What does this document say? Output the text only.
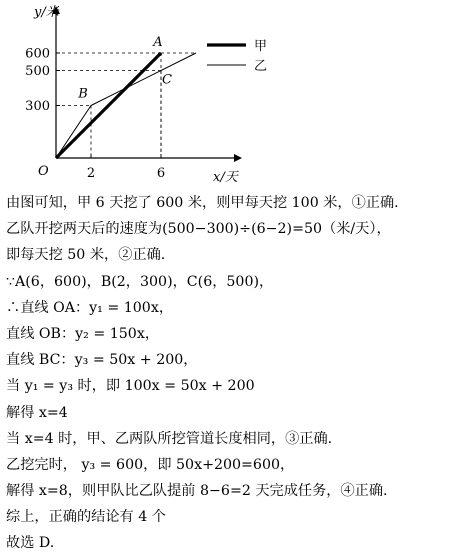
y/米
x/天
O
300
500
600
2	6
A
B
C
甲
乙
由图可知，甲 6 天挖了 600 米，则甲每天挖 100 米，①正确.
乙队开挖两天后的速度为(500−300)÷(6−2)=50（米/天），
即每天挖 50 米，②正确.
∵A(6，600)，B(2，300)，C(6，500)，
∴直线 OA：y₁ = 100x，
直线 OB：y₂ = 150x，
直线 BC：y₃ = 50x + 200，
当 y₁ = y₃ 时，即 100x = 50x + 200
解得 x=4
当 x=4 时，甲、乙两队所挖管道长度相同，③正确.
乙挖完时， y₃ = 600，即 50x+200=600，
解得 x=8，则甲队比乙队提前 8−6=2 天完成任务，④正确.
综上，正确的结论有 4 个
故选 D.
